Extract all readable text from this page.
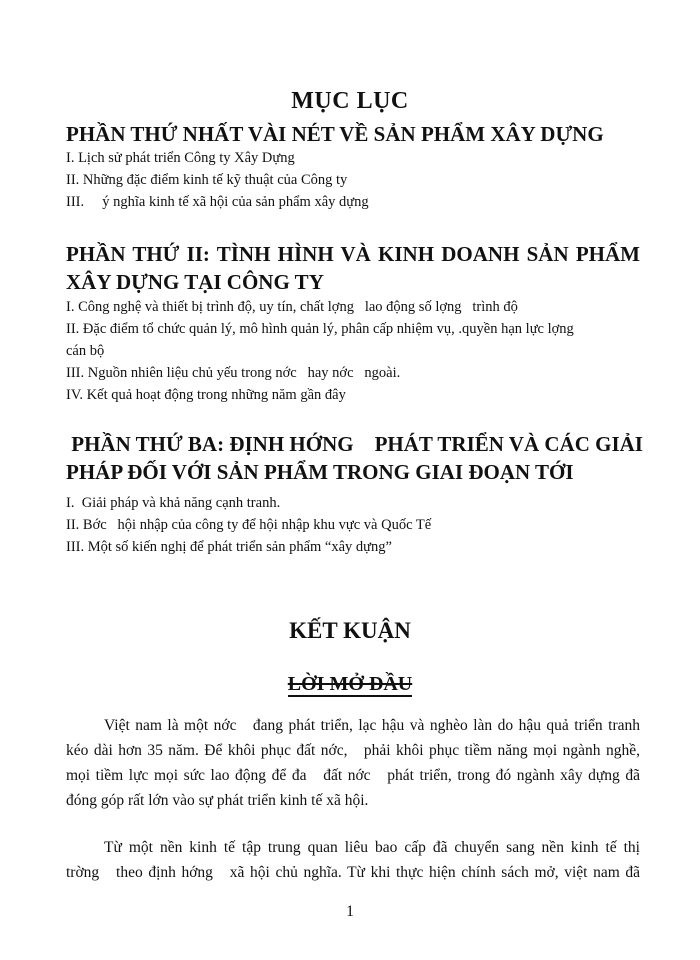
MỤC LỤC
PHẦN THỨ NHẤT VÀI NÉT VỀ SẢN PHẨM XÂY DỰNG
I. Lịch sử phát triển Công ty Xây Dựng
II. Những đặc điểm kinh tế kỹ thuật của Công ty
III.     ý nghĩa kinh tế xã hội của sản phẩm xây dựng
PHẦN THỨ II: TÌNH HÌNH VÀ KINH DOANH SẢN PHẨM
XÂY DỰNG TẠI CÔNG TY
I. Công nghệ và thiết bị trình độ, uy tín, chất lợng   lao động số lợng   trình độ
II. Đặc điểm tổ chức quản lý, mô hình quản lý, phân cấp nhiệm vụ, .quyền hạn lực lợng
cán bộ
III. Nguồn nhiên liệu chủ yếu trong nớc   hay nớc   ngoài.
IV. Kết quả hoạt động trong những năm gần đây
PHẦN THỨ BA: ĐỊNH HỚNG    PHÁT TRIỂN VÀ CÁC GIẢI
PHÁP ĐỐI VỚI SẢN PHẨM TRONG GIAI ĐOẠN TỚI
I.  Giải pháp và khả năng cạnh tranh.
II. Bớc   hội nhập của công ty để hội nhập khu vực và Quốc Tế
III. Một số kiến nghị để phát triển sản phẩm “xây dựng”
KẾT KUẬN
LỜI MỞ ĐẦU
Việt nam là một nớc   đang phát triển, lạc hậu và nghèo làn do hậu quả triển tranh
kéo dài hơn 35 năm. Để khôi phục đất nớc,   phải khôi phục tiềm năng mọi ngành nghề,
mọi tiềm lực mọi sức lao động để đa   đất nớc   phát triển, trong đó ngành xây dựng đã
đóng góp rất lớn vào sự phát triển kinh tế xã hội.
Từ một nền kinh tế tập trung quan liêu bao cấp đã chuyển sang nền kinh tế thị
trờng   theo định hớng   xã hội chủ nghĩa. Từ khi thực hiện chính sách mở, việt nam đã
1
